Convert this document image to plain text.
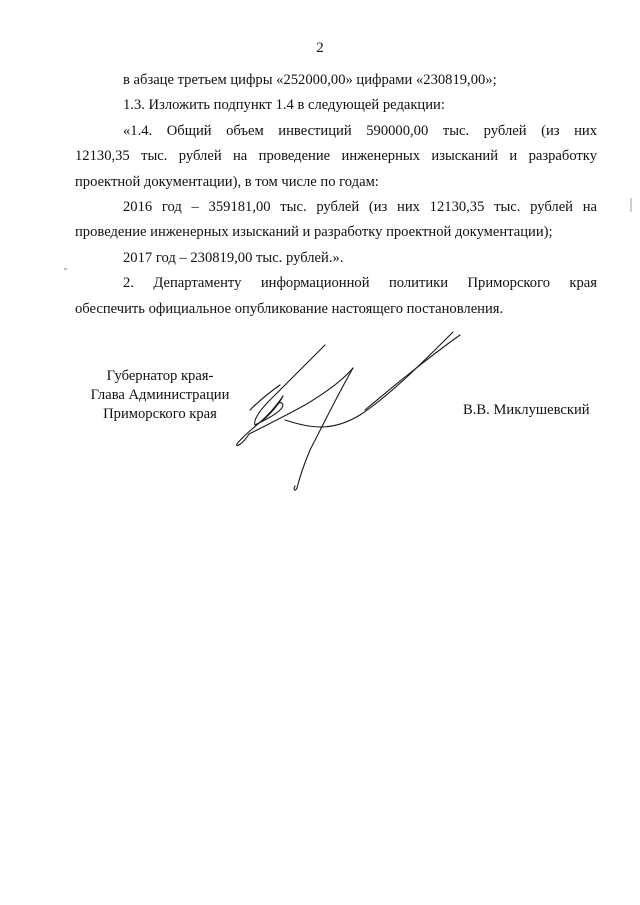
2
в абзаце третьем цифры «252000,00» цифрами «230819,00»;
1.3. Изложить подпункт 1.4 в следующей редакции:
«1.4. Общий объем инвестиций 590000,00 тыс. рублей (из них
12130,35 тыс. рублей на проведение инженерных изысканий и разработку
проектной документации), в том числе по годам:
2016 год – 359181,00 тыс. рублей (из них 12130,35 тыс. рублей на
проведение инженерных изысканий и разработку проектной документации);
2017 год – 230819,00 тыс. рублей.».
2. Департаменту информационной политики Приморского края
обеспечить официальное опубликование настоящего постановления.
Губернатор края-
Глава Администрации
Приморского края	В.В. Миклушевский
